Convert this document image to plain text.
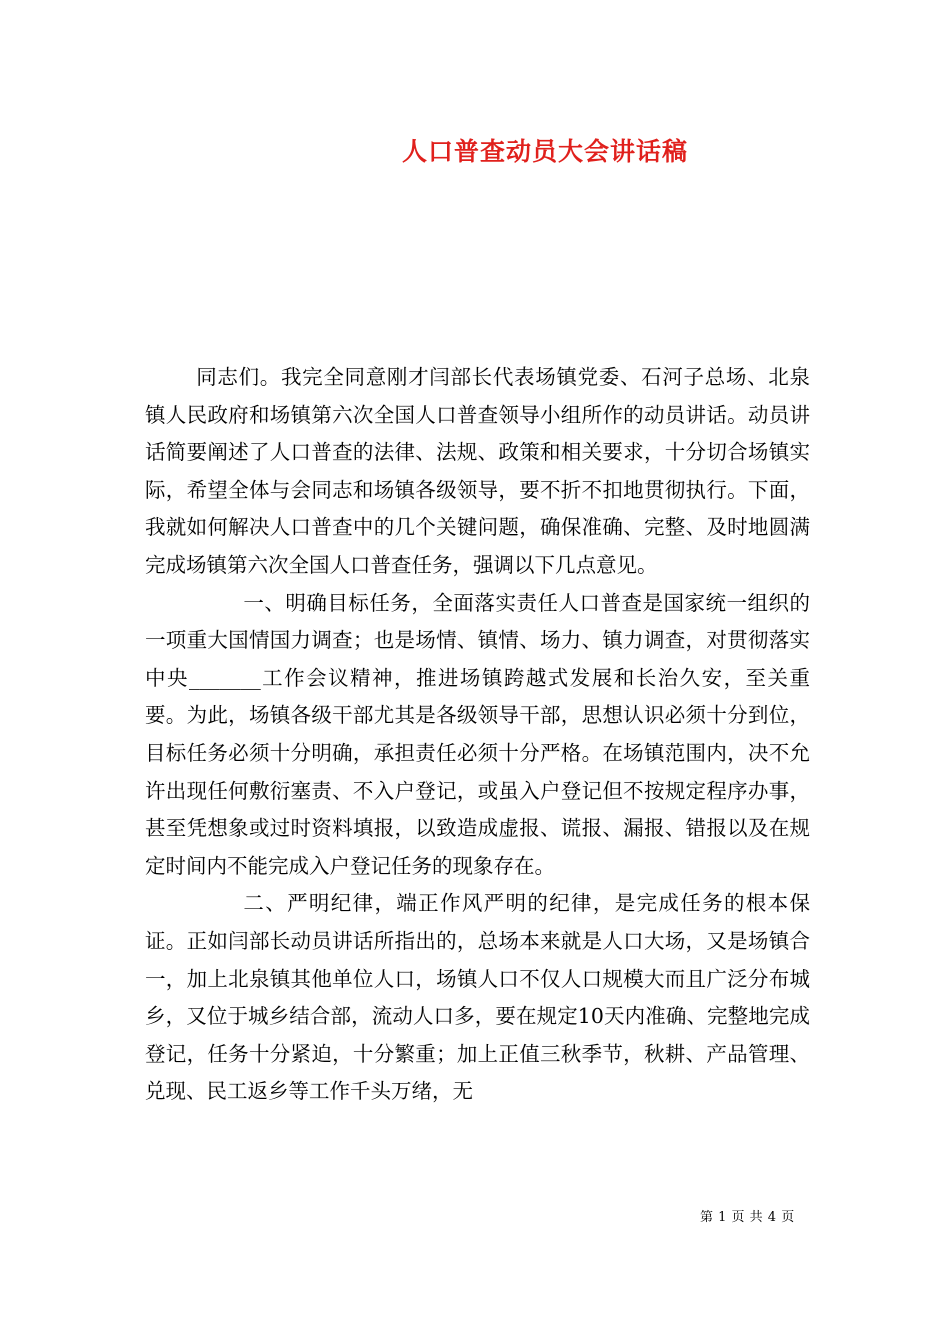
人口普查动员大会讲话稿

同志们。我完全同意刚才闫部长代表场镇党委、石河子总场、北泉镇人民政府和场镇第六次全国人口普查领导小组所作的动员讲话。动员讲话简要阐述了人口普查的法律、法规、政策和相关要求，十分切合场镇实际，希望全体与会同志和场镇各级领导，要不折不扣地贯彻执行。下面，我就如何解决人口普查中的几个关键问题，确保准确、完整、及时地圆满完成场镇第六次全国人口普查任务，强调以下几点意见。

一、明确目标任务，全面落实责任人口普查是国家统一组织的一项重大国情国力调查；也是场情、镇情、场力、镇力调查，对贯彻落实中央_______工作会议精神，推进场镇跨越式发展和长治久安，至关重要。为此，场镇各级干部尤其是各级领导干部，思想认识必须十分到位，目标任务必须十分明确，承担责任必须十分严格。在场镇范围内，决不允许出现任何敷衍塞责、不入户登记，或虽入户登记但不按规定程序办事，甚至凭想象或过时资料填报，以致造成虚报、谎报、漏报、错报以及在规定时间内不能完成入户登记任务的现象存在。

二、严明纪律，端正作风严明的纪律，是完成任务的根本保证。正如闫部长动员讲话所指出的，总场本来就是人口大场，又是场镇合一，加上北泉镇其他单位人口，场镇人口不仅人口规模大而且广泛分布城乡，又位于城乡结合部，流动人口多，要在规定10天内准确、完整地完成登记，任务十分紧迫，十分繁重；加上正值三秋季节，秋耕、产品管理、兑现、民工返乡等工作千头万绪，无

第 1 页 共 4 页
